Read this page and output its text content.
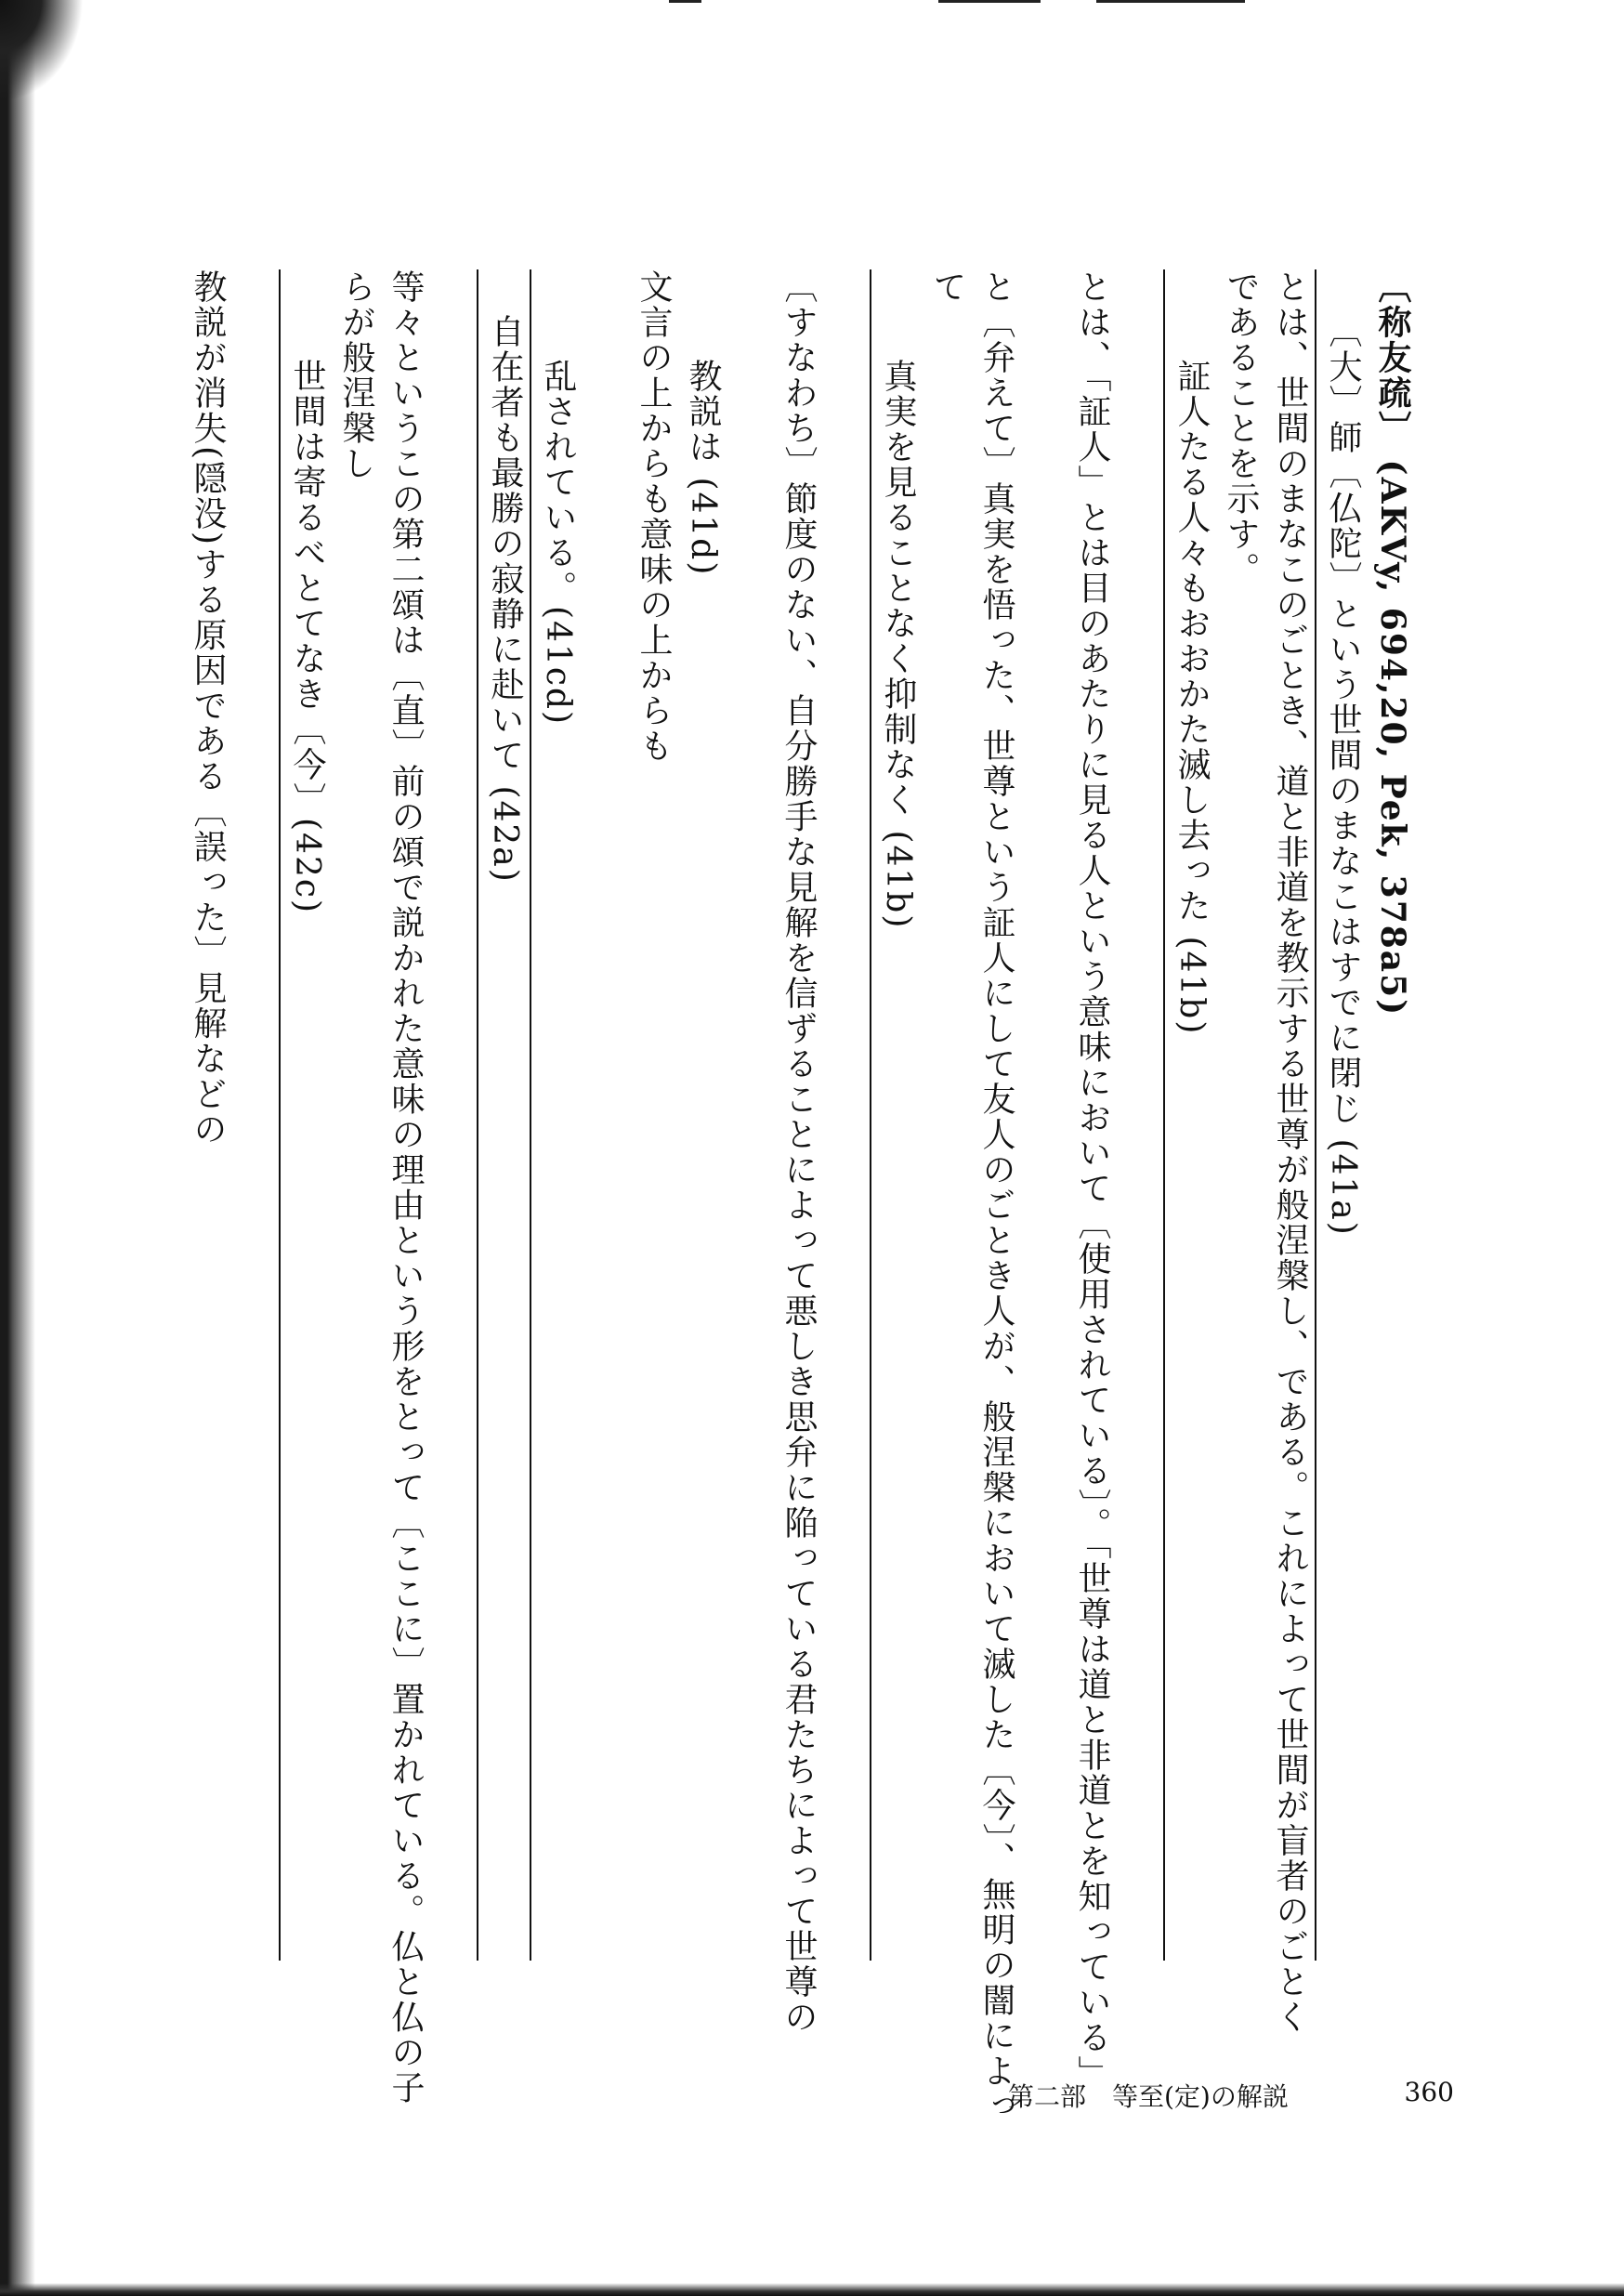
〔称友疏〕 (AKVy, 694,20, Pek, 378a5)
〔大〕師〔仏陀〕という世間のまなこはすでに閉じ (41a)
とは、世間のまなこのごとき、道と非道を教示する世尊が般涅槃し、である。これによって世間が盲者のごとく
であることを示す。
証人たる人々もおおかた滅し去った (41b)
とは、「証人」とは目のあたりに見る人という意味において〔使用されている〕。「世尊は道と非道とを知っている」
と〔弁えて〕真実を悟った、世尊という証人にして友人のごとき人が、般涅槃において滅した〔今〕、無明の闇によっ
て
真実を見ることなく抑制なく (41b)
〔すなわち〕節度のない、自分勝手な見解を信ずることによって悪しき思弁に陥っている君たちによって世尊の
教説は (41d)
文言の上からも意味の上からも
乱されている。(41cd)
自在者も最勝の寂静に赴いて (42a)
等々というこの第二頌は〔直〕前の頌で説かれた意味の理由という形をとって〔ここに〕置かれている。仏と仏の子
らが般涅槃し
世間は寄るべとてなき〔今〕(42c)
教説が消失(隠没)する原因である〔誤った〕見解などの
第二部　等至(定)の解説	360
